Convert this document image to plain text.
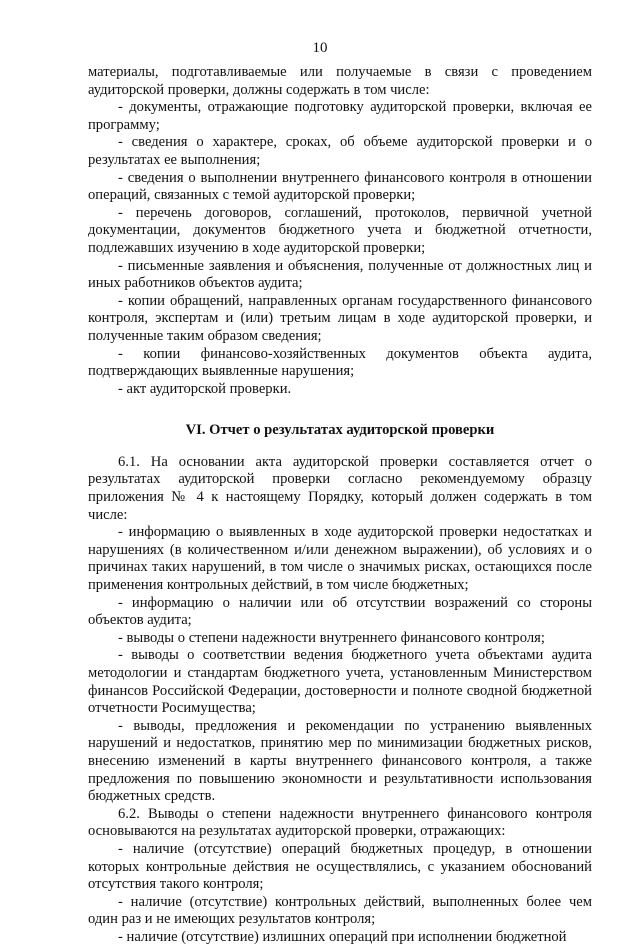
10

материалы, подготавливаемые или получаемые в связи с проведением аудиторской проверки, должны содержать в том числе:

- документы, отражающие подготовку аудиторской проверки, включая ее программу;

- сведения о характере, сроках, об объеме аудиторской проверки и о результатах ее выполнения;

- сведения о выполнении внутреннего финансового контроля в отношении операций, связанных с темой аудиторской проверки;

- перечень договоров, соглашений, протоколов, первичной учетной документации, документов бюджетного учета и бюджетной отчетности, подлежавших изучению в ходе аудиторской проверки;

- письменные заявления и объяснения, полученные от должностных лиц и иных работников объектов аудита;

- копии обращений, направленных органам государственного финансового контроля, экспертам и (или) третьим лицам в ходе аудиторской проверки, и полученные таким образом сведения;

- копии финансово-хозяйственных документов объекта аудита, подтверждающих выявленные нарушения;

- акт аудиторской проверки.

VI. Отчет о результатах аудиторской проверки

6.1. На основании акта аудиторской проверки составляется отчет о результатах аудиторской проверки согласно рекомендуемому образцу приложения № 4 к настоящему Порядку, который должен содержать в том числе:

- информацию о выявленных в ходе аудиторской проверки недостатках и нарушениях (в количественном и/или денежном выражении), об условиях и о причинах таких нарушений, в том числе о значимых рисках, остающихся после применения контрольных действий, в том числе бюджетных;

- информацию о наличии или об отсутствии возражений со стороны объектов аудита;

- выводы о степени надежности внутреннего финансового контроля;

- выводы о соответствии ведения бюджетного учета объектами аудита методологии и стандартам бюджетного учета, установленным Министерством финансов Российской Федерации, достоверности и полноте сводной бюджетной отчетности Росимущества;

- выводы, предложения и рекомендации по устранению выявленных нарушений и недостатков, принятию мер по минимизации бюджетных рисков, внесению изменений в карты внутреннего финансового контроля, а также предложения по повышению экономности и результативности использования бюджетных средств.

6.2. Выводы о степени надежности внутреннего финансового контроля основываются на результатах аудиторской проверки, отражающих:

- наличие (отсутствие) операций бюджетных процедур, в отношении которых контрольные действия не осуществлялись, с указанием обоснований отсутствия такого контроля;

- наличие (отсутствие) контрольных действий, выполненных более чем один раз и не имеющих результатов контроля;

- наличие (отсутствие) излишних операций при исполнении бюджетной
